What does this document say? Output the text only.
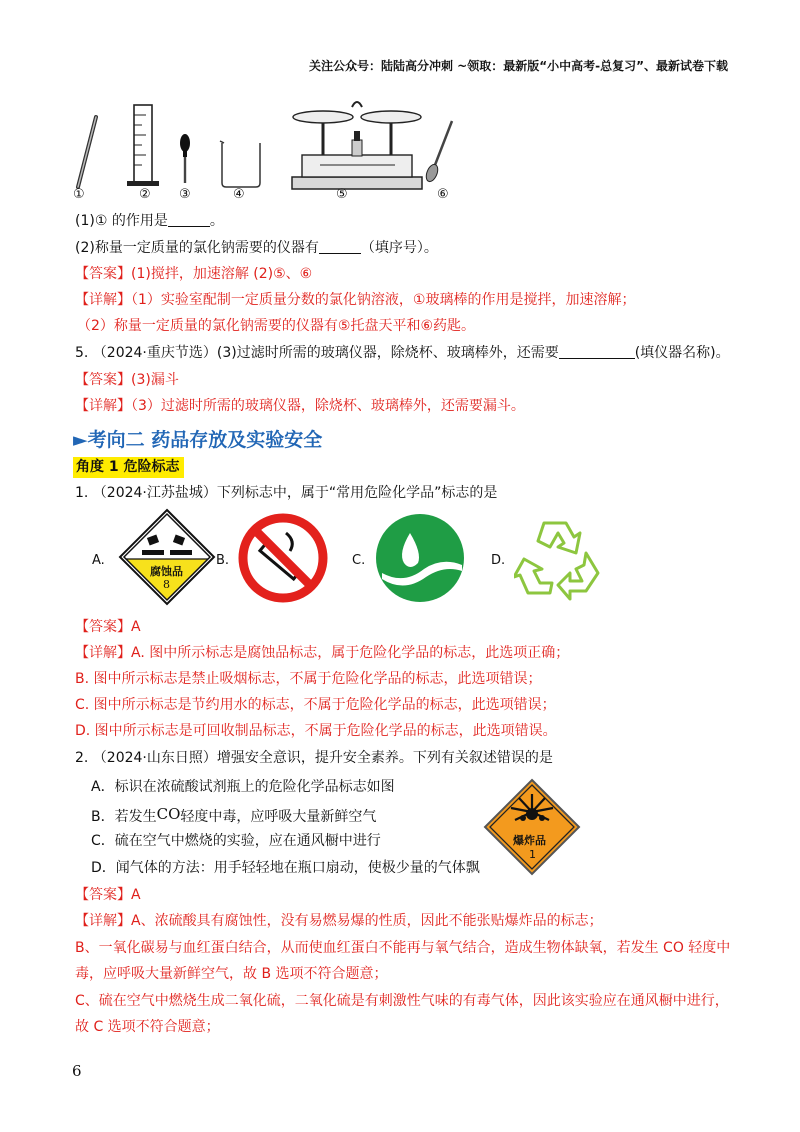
关注公众号：陆陆高分冲刺 ~领取：最新版“小中高考-总复习”、最新试卷下载
①	② ③	④	⑤	⑥
(1)① 的作用是	。
(2)称量一定质量的氯化钠需要的仪器有	（填序号）。
【答案】(1)搅拌，加速溶解 (2)⑤、⑥
【详解】（1）实验室配制一定质量分数的氯化钠溶液，①玻璃棒的作用是搅拌，加速溶解；
（2）称量一定质量的氯化钠需要的仪器有⑤托盘天平和⑥药匙。
5. （2024·重庆节选）(3)过滤时所需的玻璃仪器，除烧杯、玻璃棒外，还需要	(填仪器名称)。
【答案】(3)漏斗
【详解】（3）过滤时所需的玻璃仪器，除烧杯、玻璃棒外，还需要漏斗。
►考向二 药品存放及实验安全
角度 1 危险标志
1. （2024·江苏盐城）下列标志中，属于“常用危险化学品”标志的是
A.
腐蚀品
8
B.	C.	D.
【答案】A
【详解】A. 图中所示标志是腐蚀品标志，属于危险化学品的标志，此选项正确；
B. 图中所示标志是禁止吸烟标志，不属于危险化学品的标志，此选项错误；
C. 图中所示标志是节约用水的标志，不属于危险化学品的标志，此选项错误；
D. 图中所示标志是可回收制品标志，不属于危险化学品的标志，此选项错误。
2. （2024·山东日照）增强安全意识，提升安全素养。下列有关叙述错误的是
A．标识在浓硫酸试剂瓶上的危险化学品标志如图
B．若发生CO轻度中毒，应呼吸大量新鲜空气
C．硫在空气中燃烧的实验，应在通风橱中进行
D．闻气体的方法：用手轻轻地在瓶口扇动，使极少量的气体飘
爆炸品
1
【答案】A
【详解】A、浓硫酸具有腐蚀性，没有易燃易爆的性质，因此不能张贴爆炸品的标志；
B、一氧化碳易与血红蛋白结合，从而使血红蛋白不能再与氧气结合，造成生物体缺氧，若发生 CO 轻度中
毒，应呼吸大量新鲜空气，故 B 选项不符合题意；
C、硫在空气中燃烧生成二氧化硫，二氧化硫是有刺激性气味的有毒气体，因此该实验应在通风橱中进行，
故 C 选项不符合题意；
6
